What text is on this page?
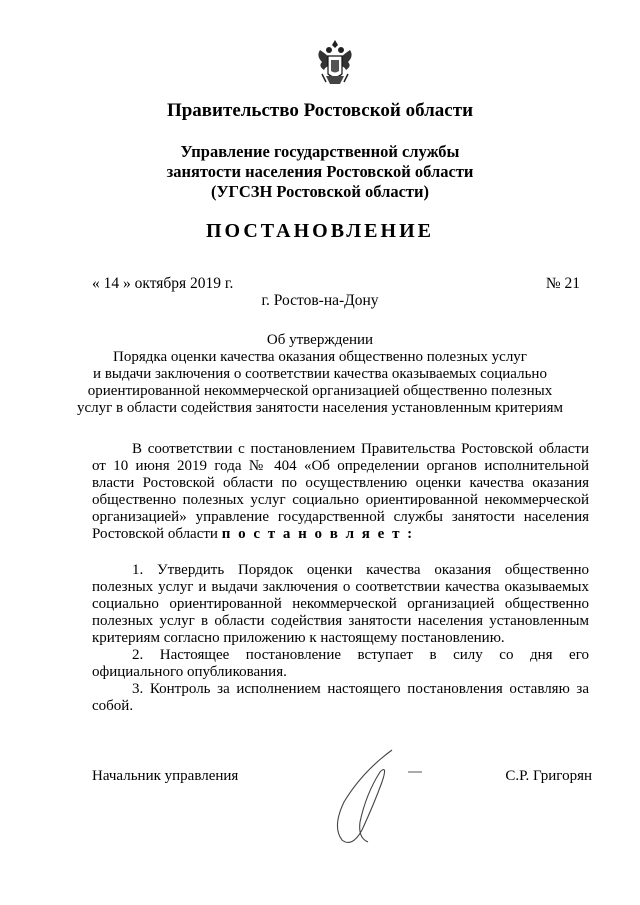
Правительство Ростовской области
Управление государственной службы
занятости населения Ростовской области
(УГСЗН Ростовской области)
ПОСТАНОВЛЕНИЕ
« 14 » октября 2019 г.	№ 21
г. Ростов-на-Дону
Об утверждении
Порядка оценки качества оказания общественно полезных услуг
и выдачи заключения о соответствии качества оказываемых социально
ориентированной некоммерческой организацией общественно полезных
услуг в области содействия занятости населения установленным критериям
В соответствии с постановлением Правительства Ростовской области
от 10 июня 2019 года № 404 «Об определении органов исполнительной
власти Ростовской области по осуществлению оценки качества оказания
общественно полезных услуг социально ориентированной некоммерческой
организацией» управление государственной службы занятости населения
Ростовской области п о с т а н о в л я е т :
1. Утвердить Порядок оценки качества оказания общественно
полезных услуг и выдачи заключения о соответствии качества оказываемых
социально ориентированной некоммерческой организацией общественно
полезных услуг в области содействия занятости населения установленным
критериям согласно приложению к настоящему постановлению.
2. Настоящее постановление вступает в силу со дня его
официального опубликования.
3. Контроль за исполнением настоящего постановления оставляю за
собой.
Начальник управления	С.Р. Григорян
